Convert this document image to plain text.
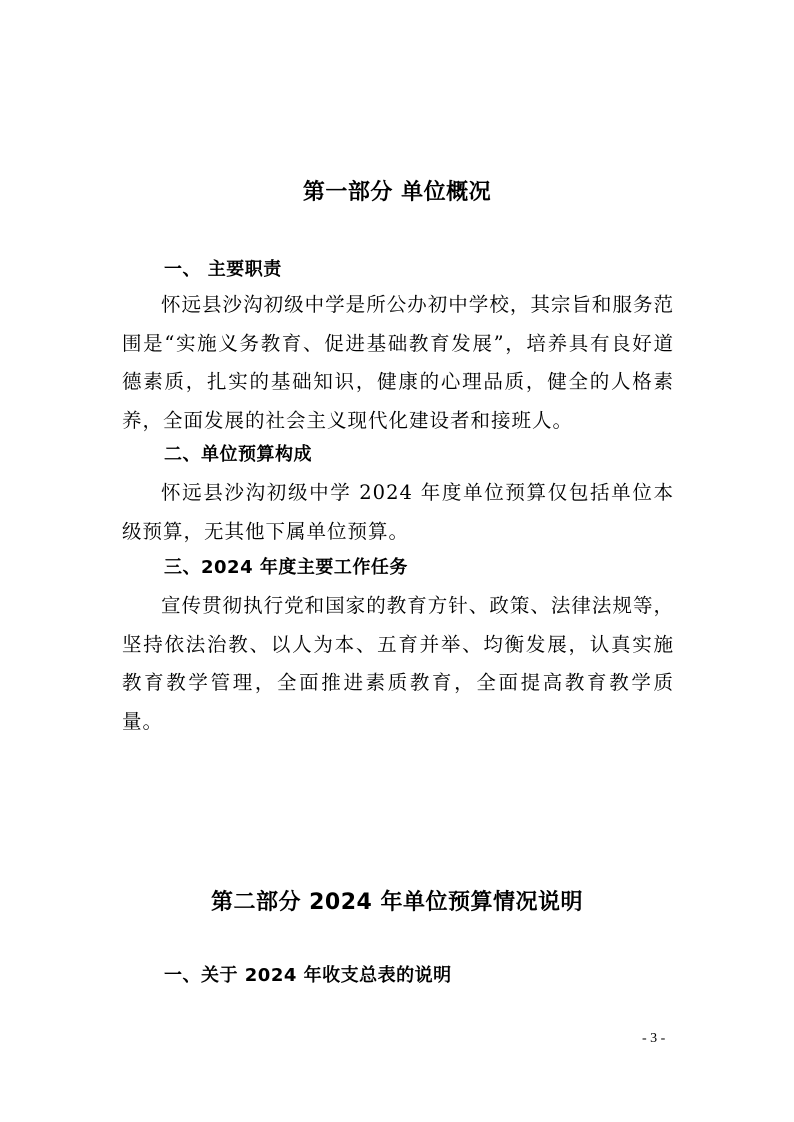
第一部分 单位概况
一、 主要职责

怀远县沙沟初级中学是所公办初中学校，其宗旨和服务范围是“实施义务教育、促进基础教育发展”，培养具有良好道德素质，扎实的基础知识，健康的心理品质，健全的人格素养，全面发展的社会主义现代化建设者和接班人。

二、单位预算构成

怀远县沙沟初级中学 2024 年度单位预算仅包括单位本级预算，无其他下属单位预算。

三、2024 年度主要工作任务

宣传贯彻执行党和国家的教育方针、政策、法律法规等，坚持依法治教、以人为本、五育并举、均衡发展，认真实施教育教学管理，全面推进素质教育，全面提高教育教学质量。

第二部分 2024 年单位预算情况说明
一、关于 2024 年收支总表的说明
- 3 -
